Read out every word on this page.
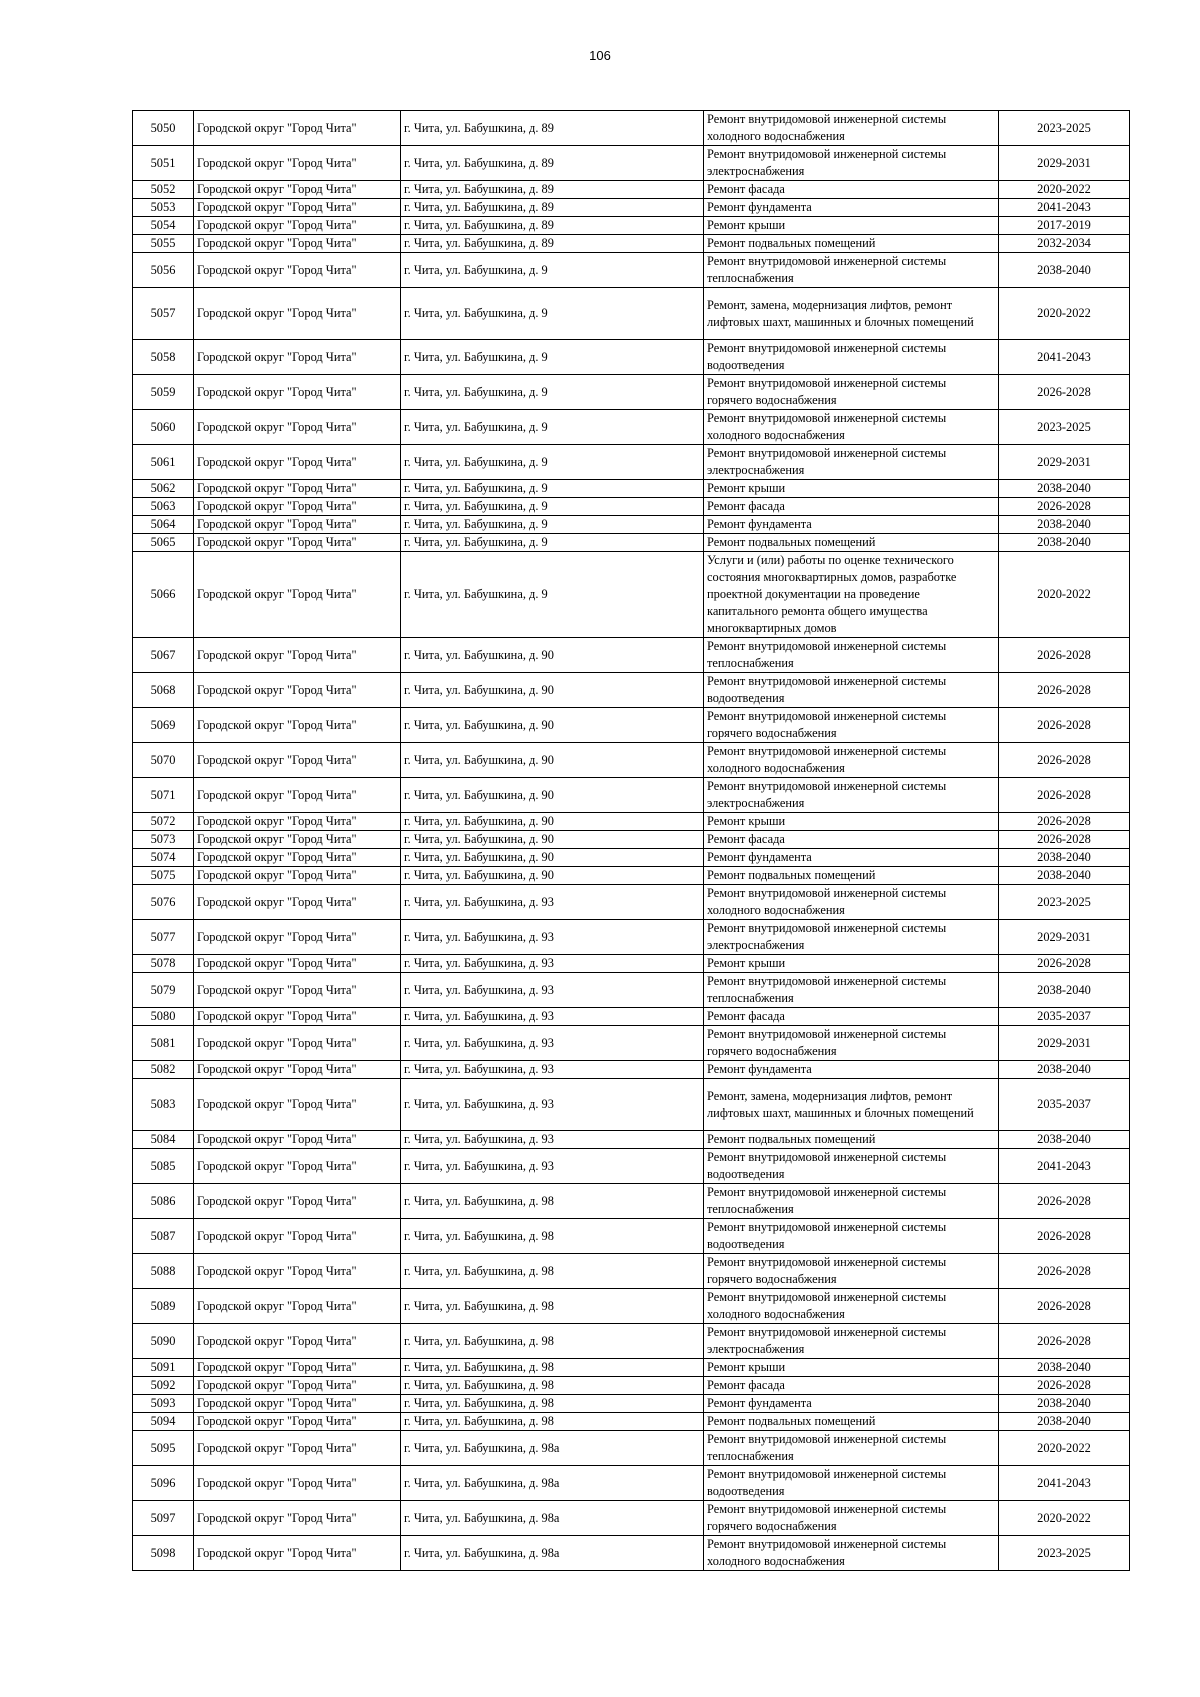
106
5050	Городской округ "Город Чита"	г. Чита, ул. Бабушкина, д. 89	Ремонт внутридомовой инженерной системы
холодного водоснабжения	2023-2025
5051	Городской округ "Город Чита"	г. Чита, ул. Бабушкина, д. 89	Ремонт внутридомовой инженерной системы
электроснабжения	2029-2031
5052	Городской округ "Город Чита"	г. Чита, ул. Бабушкина, д. 89	Ремонт фасада	2020-2022
5053	Городской округ "Город Чита"	г. Чита, ул. Бабушкина, д. 89	Ремонт фундамента	2041-2043
5054	Городской округ "Город Чита"	г. Чита, ул. Бабушкина, д. 89	Ремонт крыши	2017-2019
5055	Городской округ "Город Чита"	г. Чита, ул. Бабушкина, д. 89	Ремонт подвальных помещений	2032-2034
5056	Городской округ "Город Чита"	г. Чита, ул. Бабушкина, д. 9	Ремонт внутридомовой инженерной системы
теплоснабжения	2038-2040
5057	Городской округ "Город Чита"	г. Чита, ул. Бабушкина, д. 9	Ремонт, замена, модернизация лифтов, ремонт
лифтовых шахт, машинных и блочных помещений	2020-2022
5058	Городской округ "Город Чита"	г. Чита, ул. Бабушкина, д. 9	Ремонт внутридомовой инженерной системы
водоотведения	2041-2043
5059	Городской округ "Город Чита"	г. Чита, ул. Бабушкина, д. 9	Ремонт внутридомовой инженерной системы
горячего водоснабжения	2026-2028
5060	Городской округ "Город Чита"	г. Чита, ул. Бабушкина, д. 9	Ремонт внутридомовой инженерной системы
холодного водоснабжения	2023-2025
5061	Городской округ "Город Чита"	г. Чита, ул. Бабушкина, д. 9	Ремонт внутридомовой инженерной системы
электроснабжения	2029-2031
5062	Городской округ "Город Чита"	г. Чита, ул. Бабушкина, д. 9	Ремонт крыши	2038-2040
5063	Городской округ "Город Чита"	г. Чита, ул. Бабушкина, д. 9	Ремонт фасада	2026-2028
5064	Городской округ "Город Чита"	г. Чита, ул. Бабушкина, д. 9	Ремонт фундамента	2038-2040
5065	Городской округ "Город Чита"	г. Чита, ул. Бабушкина, д. 9	Ремонт подвальных помещений	2038-2040
5066	Городской округ "Город Чита"	г. Чита, ул. Бабушкина, д. 9	Услуги и (или) работы по оценке технического
состояния многоквартирных домов, разработке
проектной документации на проведение
капитального ремонта общего имущества
многоквартирных домов	2020-2022
5067	Городской округ "Город Чита"	г. Чита, ул. Бабушкина, д. 90	Ремонт внутридомовой инженерной системы
теплоснабжения	2026-2028
5068	Городской округ "Город Чита"	г. Чита, ул. Бабушкина, д. 90	Ремонт внутридомовой инженерной системы
водоотведения	2026-2028
5069	Городской округ "Город Чита"	г. Чита, ул. Бабушкина, д. 90	Ремонт внутридомовой инженерной системы
горячего водоснабжения	2026-2028
5070	Городской округ "Город Чита"	г. Чита, ул. Бабушкина, д. 90	Ремонт внутридомовой инженерной системы
холодного водоснабжения	2026-2028
5071	Городской округ "Город Чита"	г. Чита, ул. Бабушкина, д. 90	Ремонт внутридомовой инженерной системы
электроснабжения	2026-2028
5072	Городской округ "Город Чита"	г. Чита, ул. Бабушкина, д. 90	Ремонт крыши	2026-2028
5073	Городской округ "Город Чита"	г. Чита, ул. Бабушкина, д. 90	Ремонт фасада	2026-2028
5074	Городской округ "Город Чита"	г. Чита, ул. Бабушкина, д. 90	Ремонт фундамента	2038-2040
5075	Городской округ "Город Чита"	г. Чита, ул. Бабушкина, д. 90	Ремонт подвальных помещений	2038-2040
5076	Городской округ "Город Чита"	г. Чита, ул. Бабушкина, д. 93	Ремонт внутридомовой инженерной системы
холодного водоснабжения	2023-2025
5077	Городской округ "Город Чита"	г. Чита, ул. Бабушкина, д. 93	Ремонт внутридомовой инженерной системы
электроснабжения	2029-2031
5078	Городской округ "Город Чита"	г. Чита, ул. Бабушкина, д. 93	Ремонт крыши	2026-2028
5079	Городской округ "Город Чита"	г. Чита, ул. Бабушкина, д. 93	Ремонт внутридомовой инженерной системы
теплоснабжения	2038-2040
5080	Городской округ "Город Чита"	г. Чита, ул. Бабушкина, д. 93	Ремонт фасада	2035-2037
5081	Городской округ "Город Чита"	г. Чита, ул. Бабушкина, д. 93	Ремонт внутридомовой инженерной системы
горячего водоснабжения	2029-2031
5082	Городской округ "Город Чита"	г. Чита, ул. Бабушкина, д. 93	Ремонт фундамента	2038-2040
5083	Городской округ "Город Чита"	г. Чита, ул. Бабушкина, д. 93	Ремонт, замена, модернизация лифтов, ремонт
лифтовых шахт, машинных и блочных помещений	2035-2037
5084	Городской округ "Город Чита"	г. Чита, ул. Бабушкина, д. 93	Ремонт подвальных помещений	2038-2040
5085	Городской округ "Город Чита"	г. Чита, ул. Бабушкина, д. 93	Ремонт внутридомовой инженерной системы
водоотведения	2041-2043
5086	Городской округ "Город Чита"	г. Чита, ул. Бабушкина, д. 98	Ремонт внутридомовой инженерной системы
теплоснабжения	2026-2028
5087	Городской округ "Город Чита"	г. Чита, ул. Бабушкина, д. 98	Ремонт внутридомовой инженерной системы
водоотведения	2026-2028
5088	Городской округ "Город Чита"	г. Чита, ул. Бабушкина, д. 98	Ремонт внутридомовой инженерной системы
горячего водоснабжения	2026-2028
5089	Городской округ "Город Чита"	г. Чита, ул. Бабушкина, д. 98	Ремонт внутридомовой инженерной системы
холодного водоснабжения	2026-2028
5090	Городской округ "Город Чита"	г. Чита, ул. Бабушкина, д. 98	Ремонт внутридомовой инженерной системы
электроснабжения	2026-2028
5091	Городской округ "Город Чита"	г. Чита, ул. Бабушкина, д. 98	Ремонт крыши	2038-2040
5092	Городской округ "Город Чита"	г. Чита, ул. Бабушкина, д. 98	Ремонт фасада	2026-2028
5093	Городской округ "Город Чита"	г. Чита, ул. Бабушкина, д. 98	Ремонт фундамента	2038-2040
5094	Городской округ "Город Чита"	г. Чита, ул. Бабушкина, д. 98	Ремонт подвальных помещений	2038-2040
5095	Городской округ "Город Чита"	г. Чита, ул. Бабушкина, д. 98а	Ремонт внутридомовой инженерной системы
теплоснабжения	2020-2022
5096	Городской округ "Город Чита"	г. Чита, ул. Бабушкина, д. 98а	Ремонт внутридомовой инженерной системы
водоотведения	2041-2043
5097	Городской округ "Город Чита"	г. Чита, ул. Бабушкина, д. 98а	Ремонт внутридомовой инженерной системы
горячего водоснабжения	2020-2022
5098	Городской округ "Город Чита"	г. Чита, ул. Бабушкина, д. 98а	Ремонт внутридомовой инженерной системы
холодного водоснабжения	2023-2025
